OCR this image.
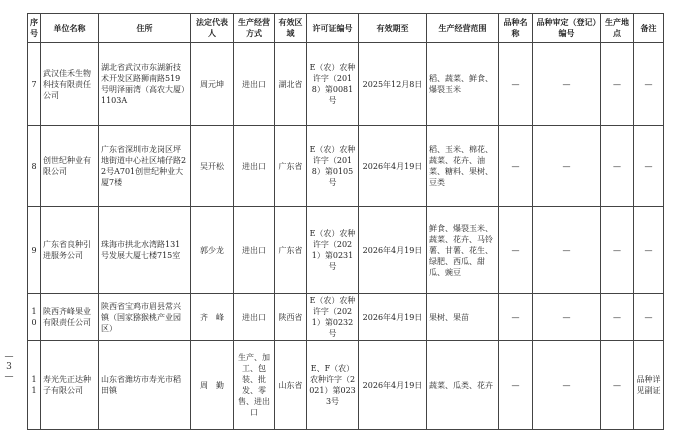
— 3 —
序号	单位名称	住所	法定代表人	生产经营方式	有效区域	许可证编号	有效期至	生产经营范围	品种名称	品种审定（登记）编号	生产地点	备注
7	武汉佳禾生物科技有限责任公司	湖北省武汉市东湖新技术开发区路狮南路519号明泽丽湾（高农大厦）1103A	周元坤	进出口	湖北省	E（农）农种许字（2018）第0081号	2025年12月8日	稻、蔬菜、鲜食、爆裂玉米	—	—	—	—
8	创世纪种业有限公司	广东省深圳市龙岗区坪地街道中心社区埔仔路22号A701创世纪种业大厦7楼	吴开松	进出口	广东省	E（农）农种许字（2018）第0105号	2026年4月19日	稻、玉米、棉花、蔬菜、花卉、油菜、糖料、果树、豆类	—	—	—	—
9	广东省良种引进服务公司	珠海市拱北水湾路131号发展大厦七楼715室	郭少龙	进出口	广东省	E（农）农种许字（2021）第0231号	2026年4月19日	鲜食、爆裂玉米、蔬菜、花卉、马铃薯、甘薯、花生、绿肥、西瓜、甜瓜、豌豆	—	—	—	—
10	陕西齐峰果业有限责任公司	陕西省宝鸡市眉县常兴镇（国家猕猴桃产业园区）	齐　峰	进出口	陕西省	E（农）农种许字（2021）第0232号	2026年4月19日	果树、果苗	—	—	—	—
11	寿光先正达种子有限公司	山东省潍坊市寿光市稻田镇	周　勤	生产、加工、包装、批发、零售、进出口	山东省	E、F（农）农种许字（2021）第0233号	2026年4月19日	蔬菜、瓜类、花卉	—	—	—	品种详见副证
